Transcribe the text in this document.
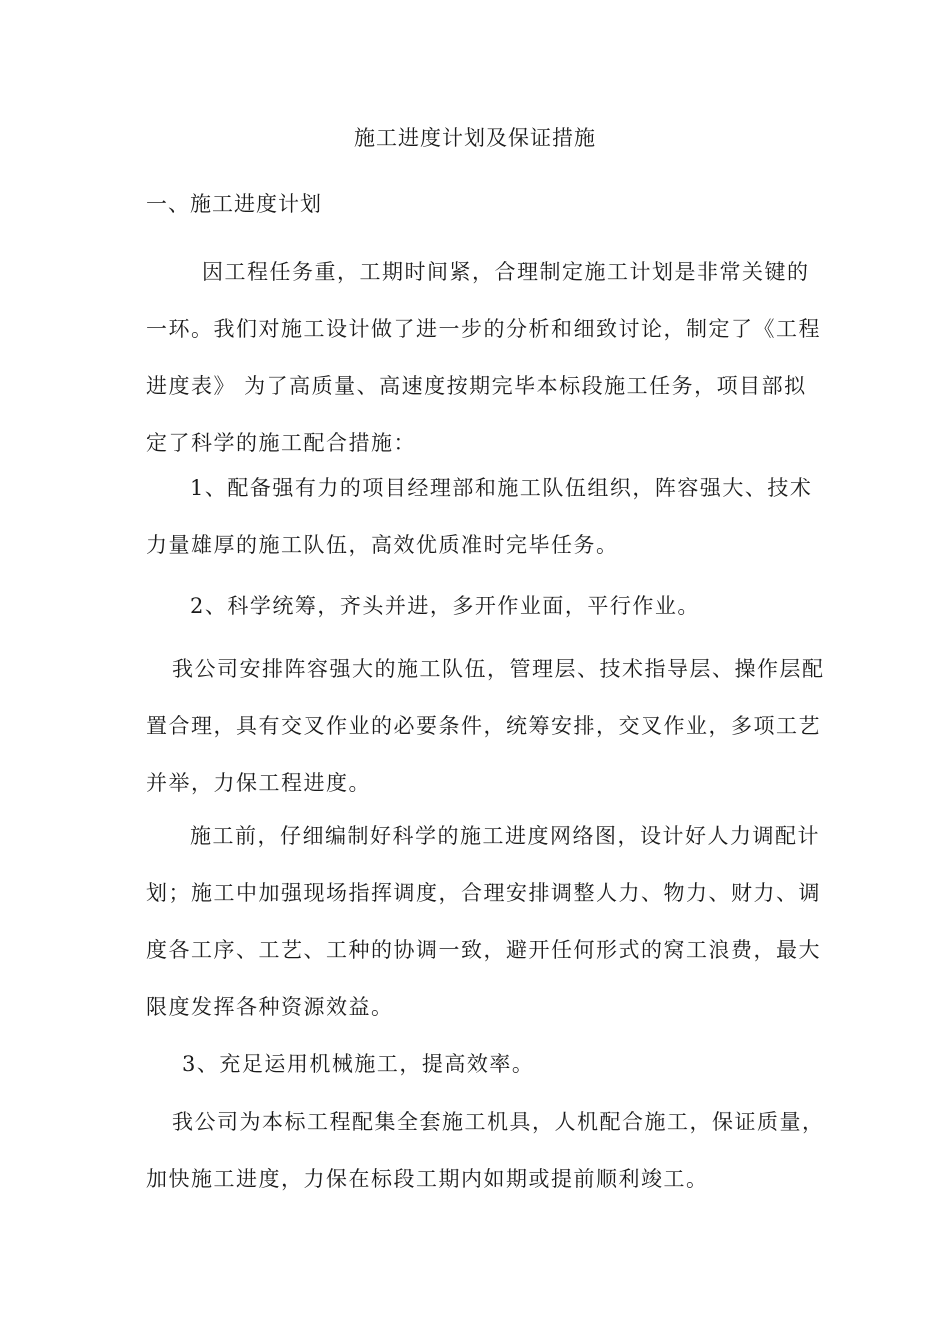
施工进度计划及保证措施
一、施工进度计划
因工程任务重，工期时间紧，合理制定施工计划是非常关键的一环。我们对施工设计做了进一步的分析和细致讨论，制定了《工程进度表》 为了高质量、高速度按期完毕本标段施工任务，项目部拟定了科学的施工配合措施：
1、配备强有力的项目经理部和施工队伍组织，阵容强大、技术力量雄厚的施工队伍，高效优质准时完毕任务。
2、科学统筹，齐头并进，多开作业面，平行作业。
我公司安排阵容强大的施工队伍，管理层、技术指导层、操作层配置合理，具有交叉作业的必要条件，统筹安排，交叉作业，多项工艺并举，力保工程进度。
施工前，仔细编制好科学的施工进度网络图，设计好人力调配计划；施工中加强现场指挥调度，合理安排调整人力、物力、财力、调度各工序、工艺、工种的协调一致，避开任何形式的窝工浪费，最大限度发挥各种资源效益。
3、充足运用机械施工，提高效率。
我公司为本标工程配集全套施工机具，人机配合施工，保证质量，加快施工进度，力保在标段工期内如期或提前顺利竣工。
